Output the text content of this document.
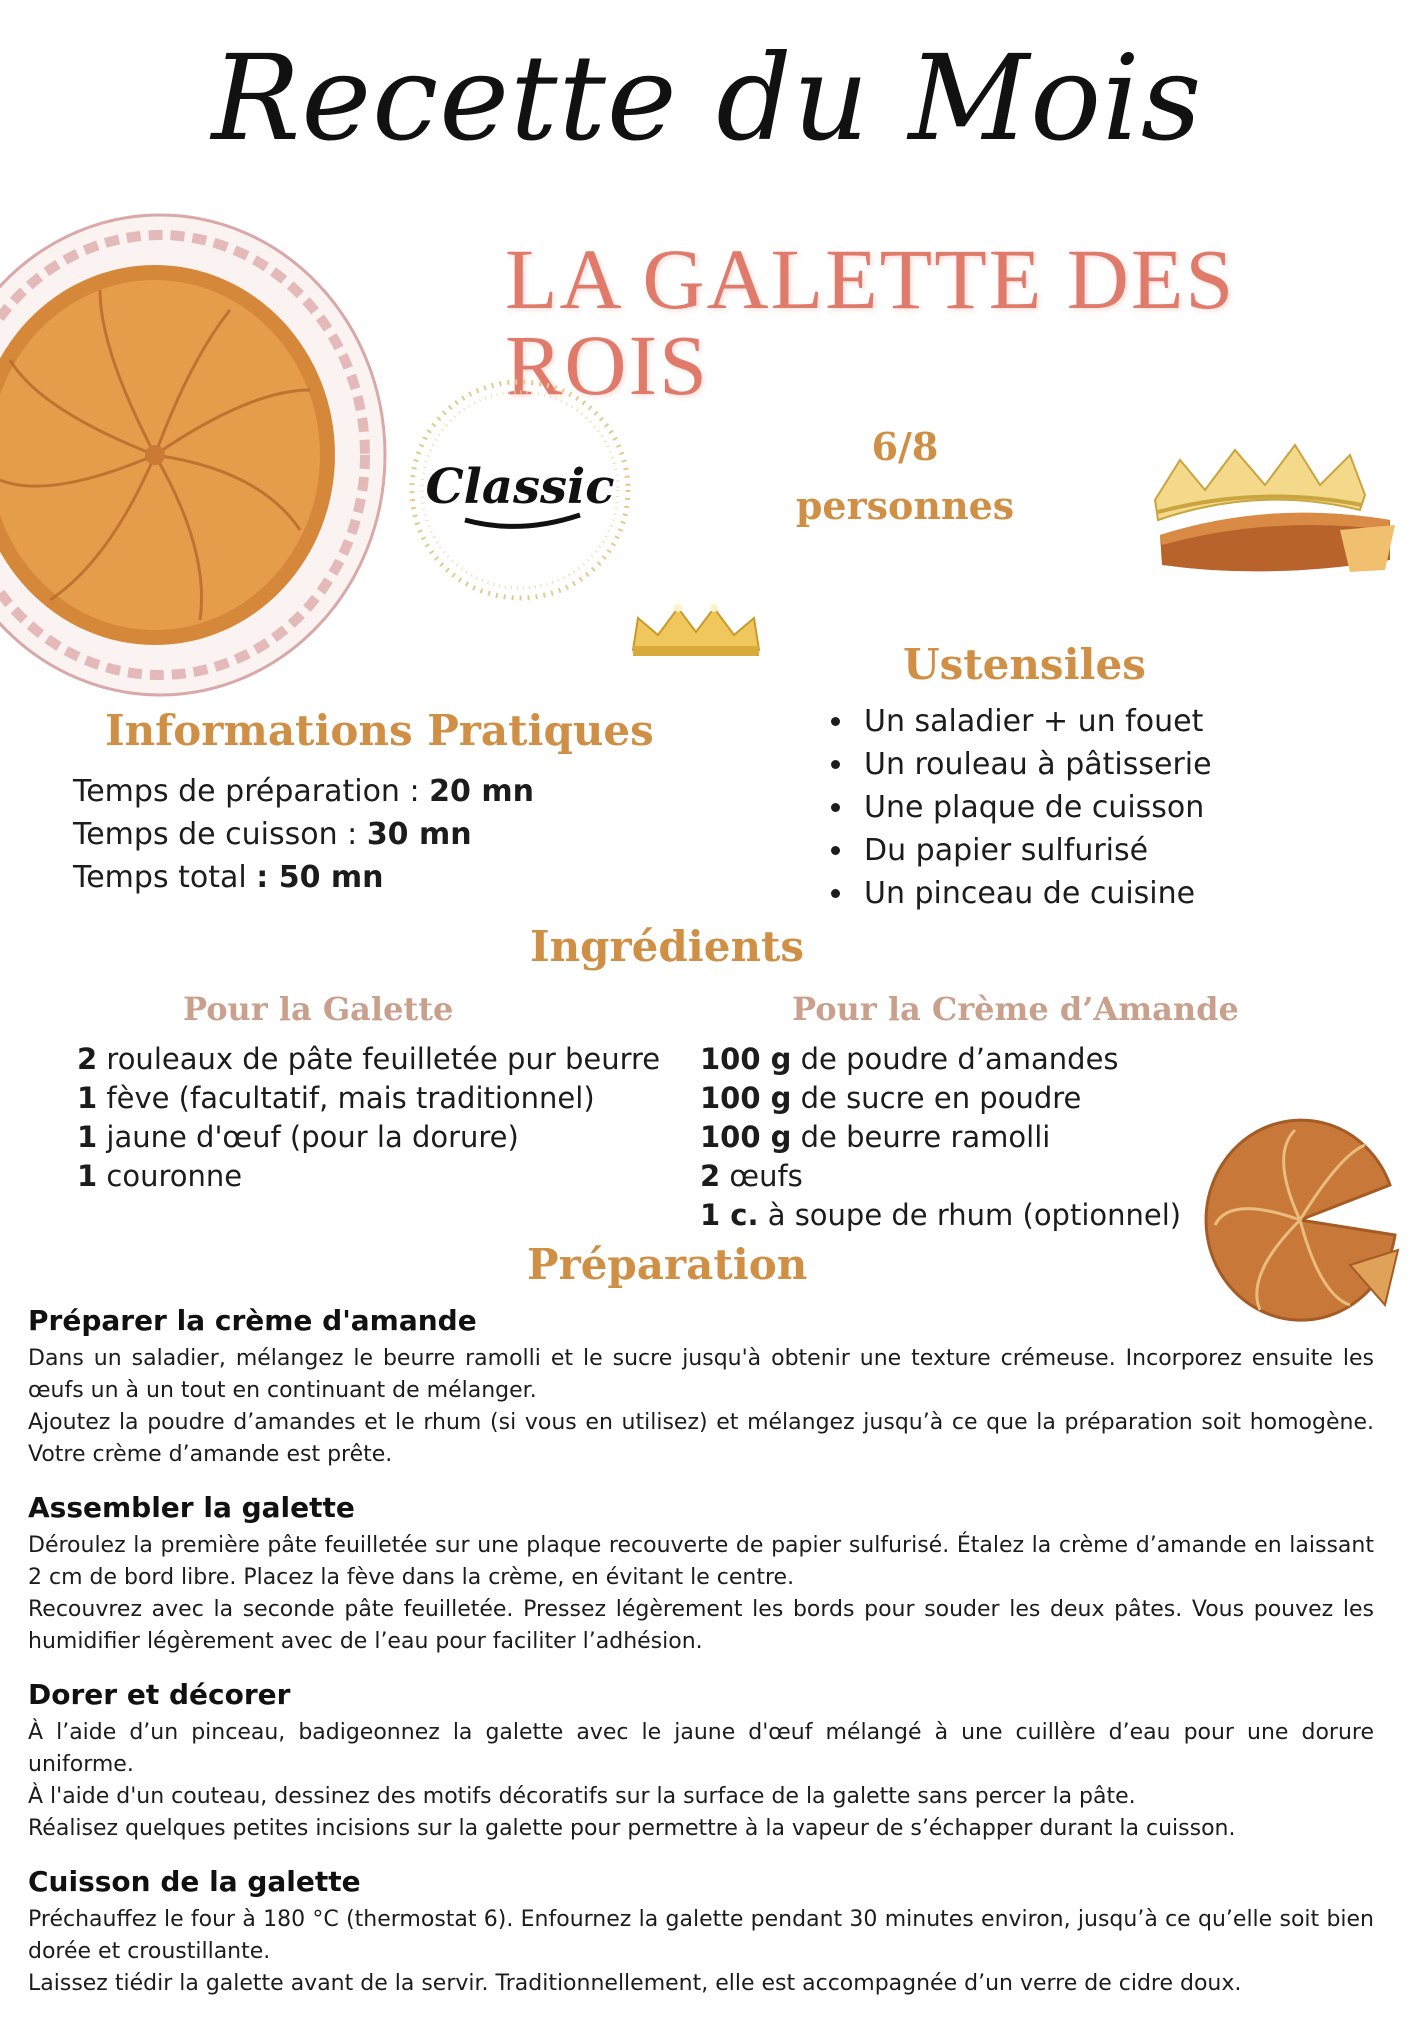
Recette du Mois
LA GALETTE DES ROIS
Classic
6/8
personnes
Ustensiles
• Un saladier + un fouet
• Un rouleau à pâtisserie
• Une plaque de cuisson
• Du papier sulfurisé
• Un pinceau de cuisine
Informations Pratiques
Temps de préparation : 20 mn
Temps de cuisson : 30 mn
Temps total : 50 mn
Ingrédients
Pour la Galette	Pour la Crème d’Amande
2 rouleaux de pâte feuilletée pur beurre
1 fève (facultatif, mais traditionnel)
1 jaune d'œuf (pour la dorure)
1 couronne
100 g de poudre d’amandes
100 g de sucre en poudre
100 g de beurre ramolli
2 œufs
1 c. à soupe de rhum (optionnel)
Préparation
Préparer la crème d'amande

Dans un saladier, mélangez le beurre ramolli et le sucre jusqu'à obtenir une texture crémeuse. Incorporez ensuite les œufs un à un tout en continuant de mélanger.

Ajoutez la poudre d’amandes et le rhum (si vous en utilisez) et mélangez jusqu’à ce que la préparation soit homogène. Votre crème d’amande est prête.

Assembler la galette

Déroulez la première pâte feuilletée sur une plaque recouverte de papier sulfurisé. Étalez la crème d’amande en laissant 2 cm de bord libre. Placez la fève dans la crème, en évitant le centre.

Recouvrez avec la seconde pâte feuilletée. Pressez légèrement les bords pour souder les deux pâtes. Vous pouvez les humidifier légèrement avec de l’eau pour faciliter l’adhésion.

Dorer et décorer

À l’aide d’un pinceau, badigeonnez la galette avec le jaune d'œuf mélangé à une cuillère d’eau pour une dorure uniforme.

À l'aide d'un couteau, dessinez des motifs décoratifs sur la surface de la galette sans percer la pâte.

Réalisez quelques petites incisions sur la galette pour permettre à la vapeur de s’échapper durant la cuisson.

Cuisson de la galette

Préchauffez le four à 180 °C (thermostat 6). Enfournez la galette pendant 30 minutes environ, jusqu’à ce qu’elle soit bien dorée et croustillante.

Laissez tiédir la galette avant de la servir. Traditionnellement, elle est accompagnée d’un verre de cidre doux.
